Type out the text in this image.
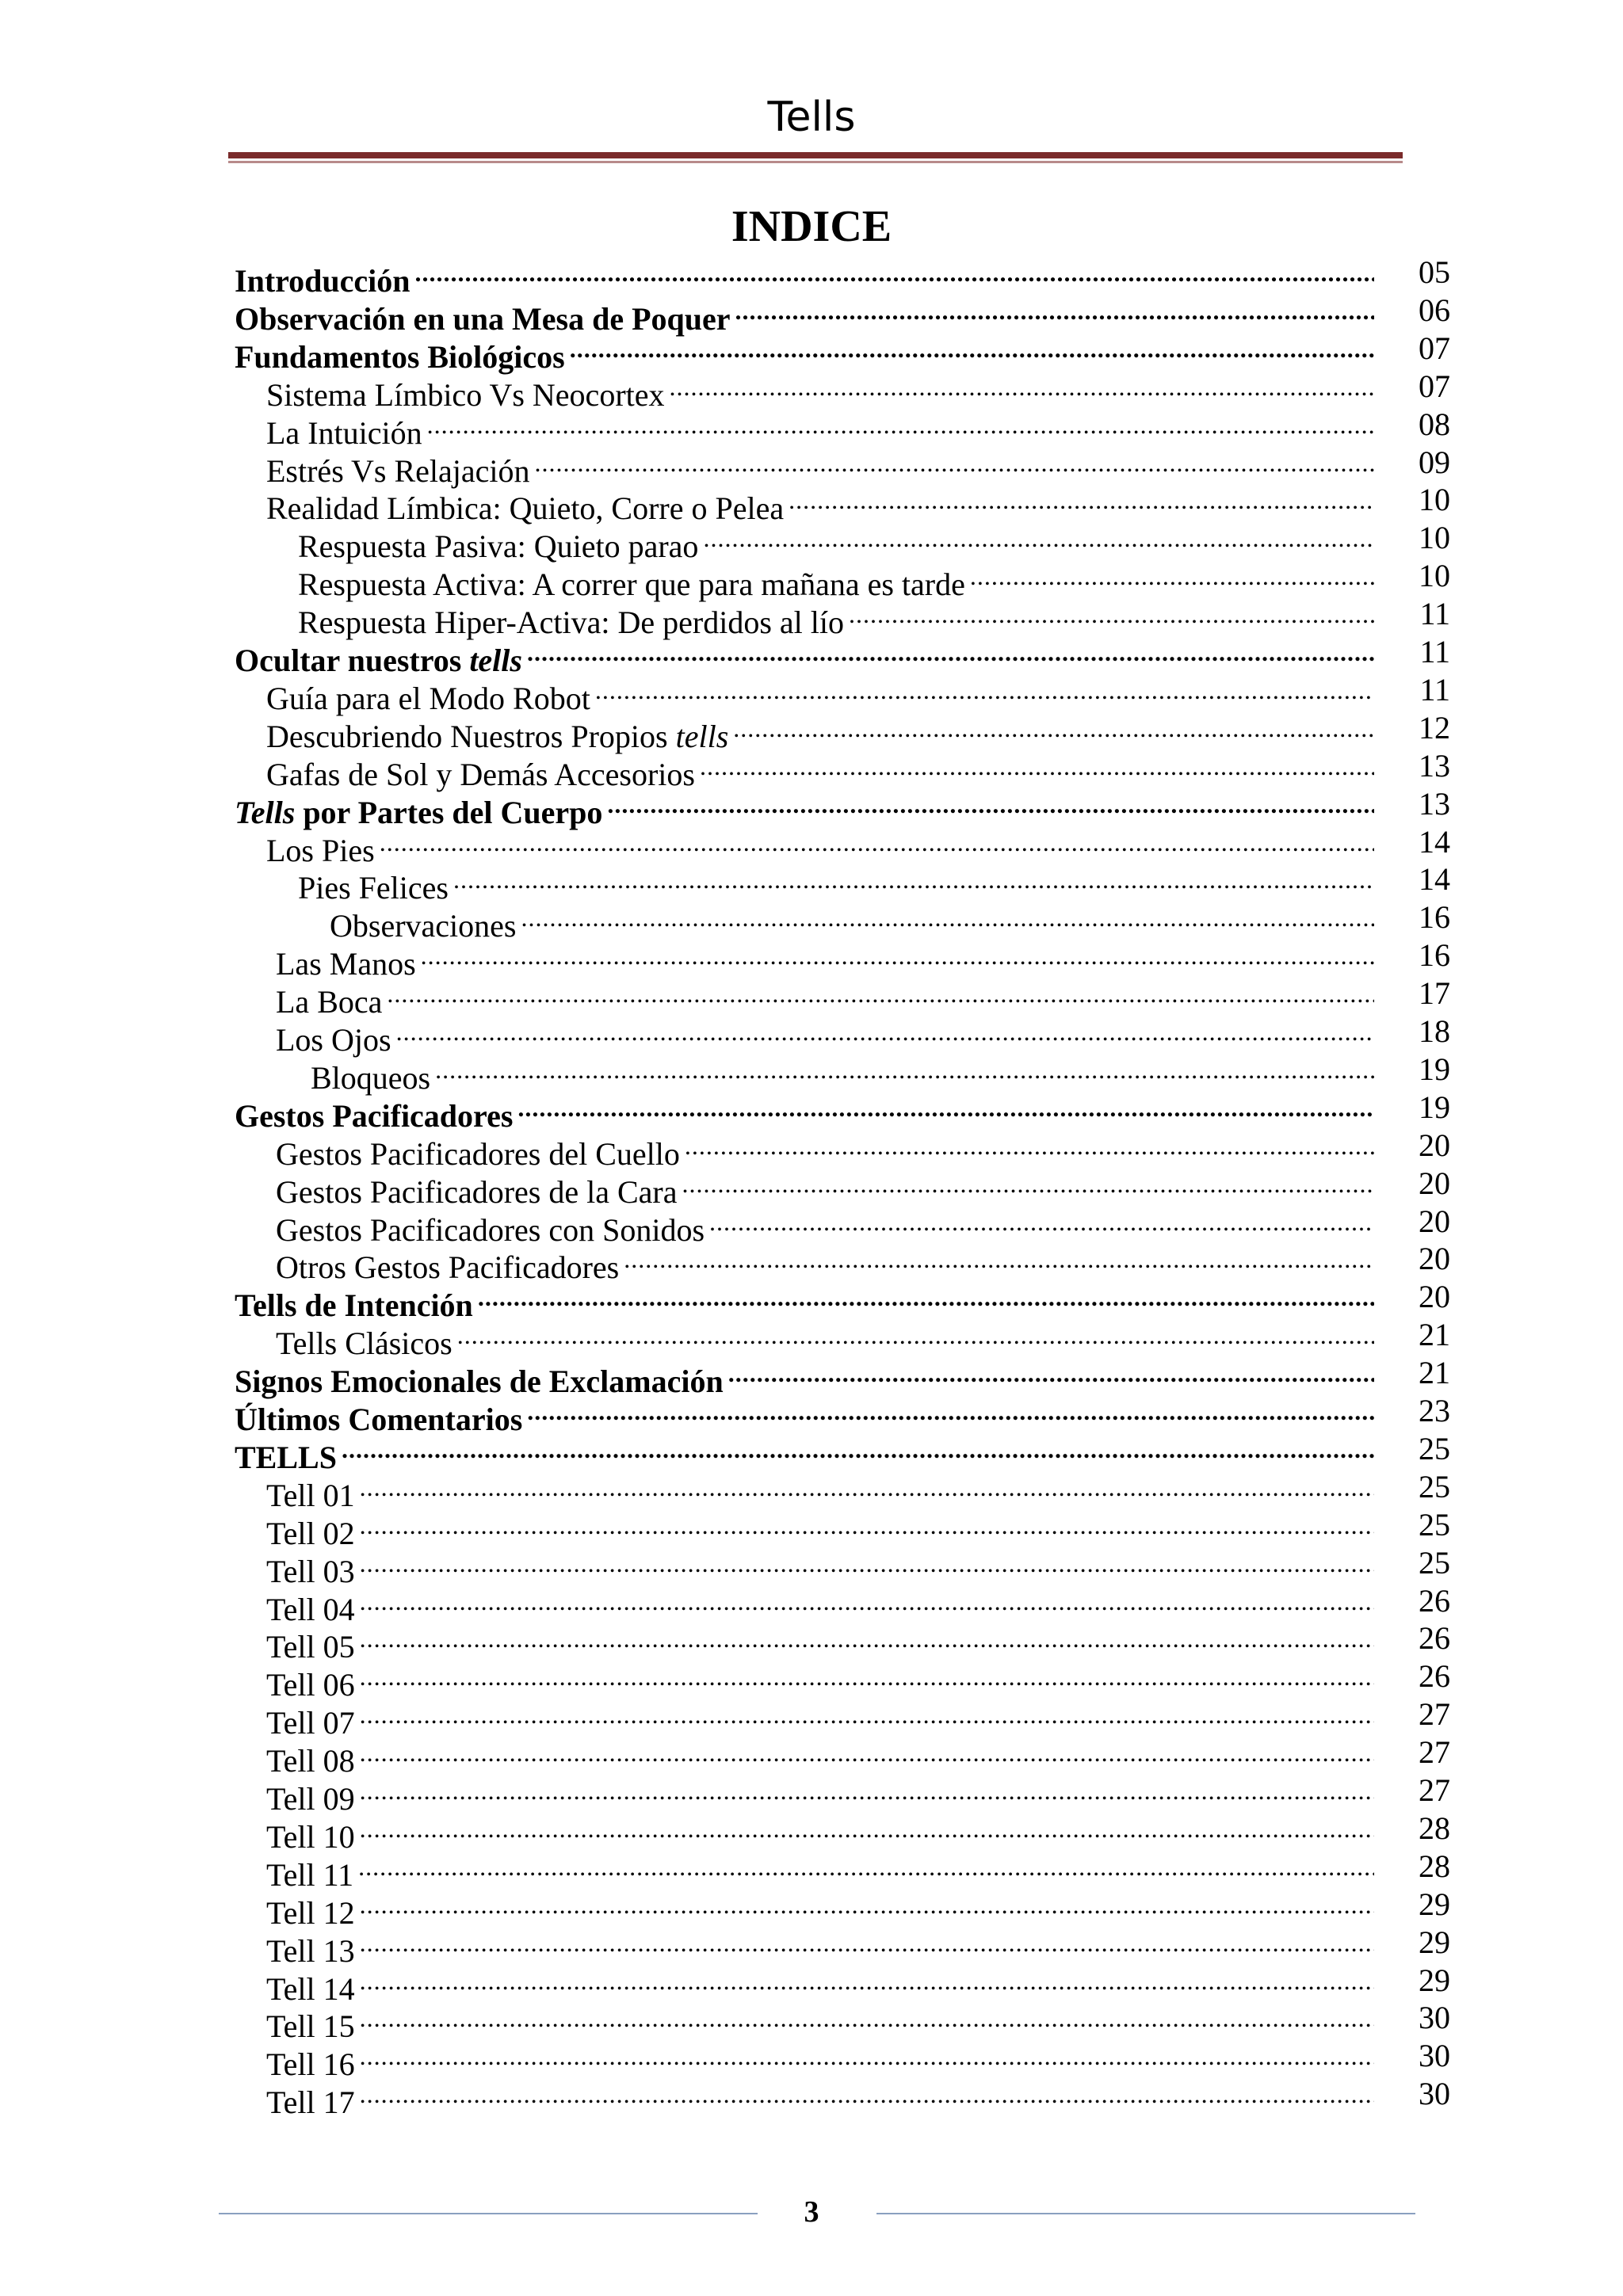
Tells
INDICE
Introducción .....	05
Observación en una Mesa de Poquer .....	06
Fundamentos Biológicos .....	07
Sistema Límbico Vs Neocortex .....	07
La Intuición .....	08
Estrés Vs Relajación .....	09
Realidad Límbica: Quieto, Corre o Pelea .....	10
Respuesta Pasiva: Quieto parao .....	10
Respuesta Activa: A correr que para mañana es tarde .....	10
Respuesta Hiper-Activa: De perdidos al lío .....	11
Ocultar nuestros tells .....	11
Guía para el Modo Robot .....	11
Descubriendo Nuestros Propios tells .....	12
Gafas de Sol y Demás Accesorios .....	13
Tells por Partes del Cuerpo .....	13
Los Pies .....	14
Pies Felices .....	14
Observaciones .....	16
Las Manos .....	16
La Boca .....	17
Los Ojos .....	18
Bloqueos .....	19
Gestos Pacificadores .....	19
Gestos Pacificadores del Cuello .....	20
Gestos Pacificadores de la Cara .....	20
Gestos Pacificadores con Sonidos .....	20
Otros Gestos Pacificadores .....	20
Tells de Intención .....	20
Tells Clásicos .....	21
Signos Emocionales de Exclamación .....	21
Últimos Comentarios .....	23
TELLS .....	25
Tell 01 .....	25
Tell 02 .....	25
Tell 03 .....	25
Tell 04 .....	26
Tell 05 .....	26
Tell 06 .....	26
Tell 07 .....	27
Tell 08 .....	27
Tell 09 .....	27
Tell 10 .....	28
Tell 11 .....	28
Tell 12 .....	29
Tell 13 .....	29
Tell 14 .....	29
Tell 15 .....	30
Tell 16 .....	30
Tell 17 .....	30
3
